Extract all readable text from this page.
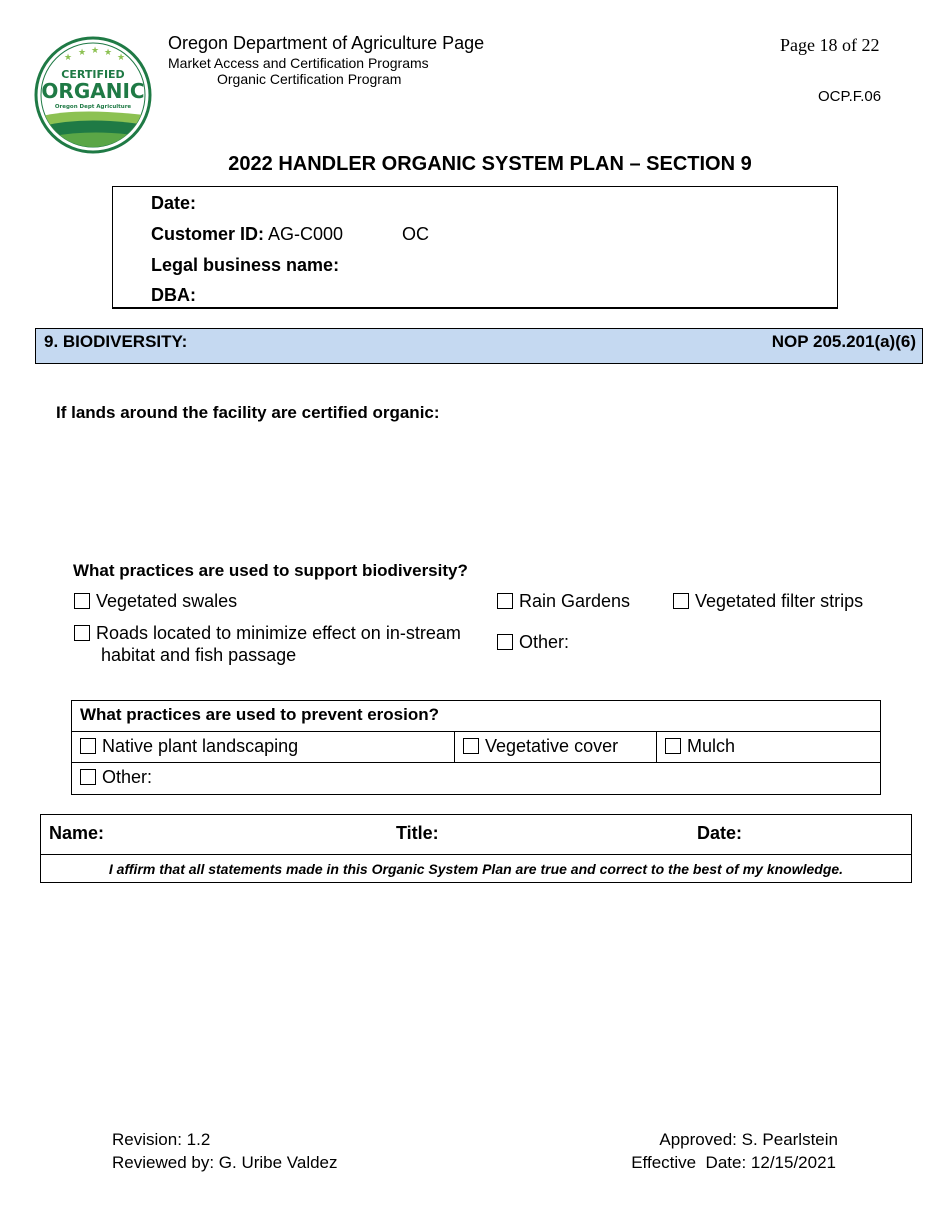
★ ★ ★ ★ ★
CERTIFIED
ORGANIC
Oregon Dept Agriculture
Oregon Department of Agriculture Page
Market Access and Certification Programs
Organic Certification Program
Page 18 of 22
OCP.F.06
2022 HANDLER ORGANIC SYSTEM PLAN – SECTION 9
Date:
Customer ID: AG-C000	OC
Legal business name:
DBA:
9. BIODIVERSITY:	NOP 205.201(a)(6)
If lands around the facility are certified organic:
What practices are used to support biodiversity?
Vegetated swales	Rain Gardens	Vegetated filter strips
Roads located to minimize effect on in-stream
habitat and fish passage
Other:
What practices are used to prevent erosion?
Native plant landscaping	Vegetative cover	Mulch
Other:
Name:	Title:	Date:
I affirm that all statements made in this Organic System Plan are true and correct to the best of my knowledge.
Revision: 1.2
Reviewed by: G. Uribe Valdez
Approved: S. Pearlstein
Effective  Date: 12/15/2021
